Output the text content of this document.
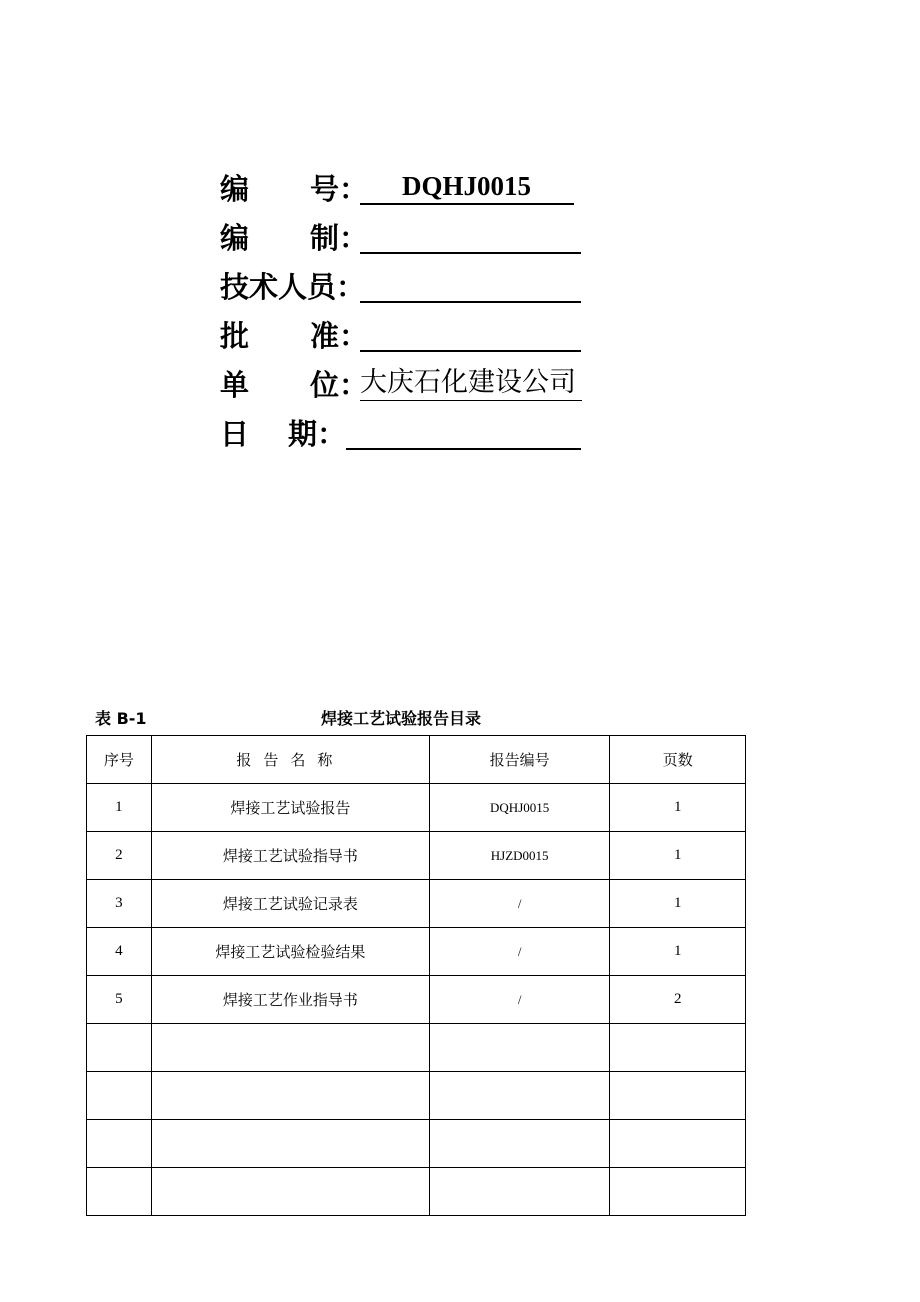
编 号： DQHJ0015
编 制：
技术人员：
批 准：
单 位：
大庆石化建设公司
日 期：
表 B-1	焊接工艺试验报告目录
序号	报告名称	报告编号	页数
1	焊接工艺试验报告	DQHJ0015	1
2	焊接工艺试验指导书	HJZD0015	1
3	焊接工艺试验记录表	/	1
4	焊接工艺试验检验结果	/	1
5	焊接工艺作业指导书	/	2
